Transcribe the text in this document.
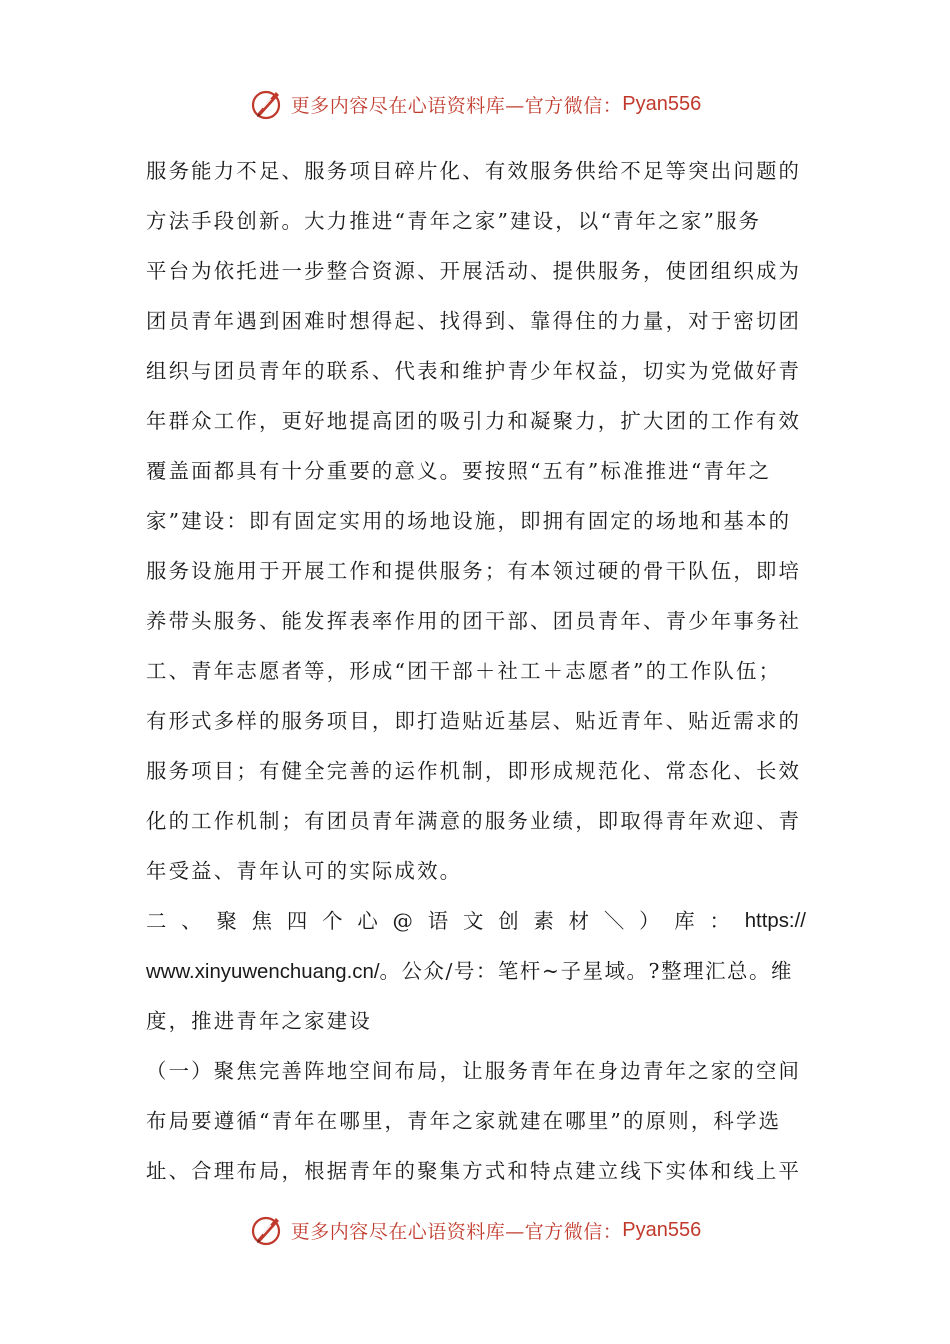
更多内容尽在心语资料库—官方微信： Pyan556
服务能力不足、服务项目碎片化、有效服务供给不足等突出问题的
方法手段创新。大力推进“青年之家”建设，以“青年之家”服务
平台为依托进一步整合资源、开展活动、提供服务，使团组织成为
团员青年遇到困难时想得起、找得到、靠得住的力量，对于密切团
组织与团员青年的联系、代表和维护青少年权益，切实为党做好青
年群众工作，更好地提高团的吸引力和凝聚力，扩大团的工作有效
覆盖面都具有十分重要的意义。要按照“五有”标准推进“青年之
家”建设：即有固定实用的场地设施，即拥有固定的场地和基本的
服务设施用于开展工作和提供服务；有本领过硬的骨干队伍，即培
养带头服务、能发挥表率作用的团干部、团员青年、青少年事务社
工、青年志愿者等，形成“团干部＋社工＋志愿者”的工作队伍；
有形式多样的服务项目，即打造贴近基层、贴近青年、贴近需求的
服务项目；有健全完善的运作机制，即形成规范化、常态化、长效
化的工作机制；有团员青年满意的服务业绩，即取得青年欢迎、青
年受益、青年认可的实际成效。
二 、 聚 焦 四 个 心 @ 语 文 创 素 材 ＼ ） 库 ： https://
www.xinyuwenchuang.cn/。公众/号：笔杆~子星域。?整理汇总。维
度，推进青年之家建设
（一）聚焦完善阵地空间布局，让服务青年在身边青年之家的空间
布局要遵循“青年在哪里，青年之家就建在哪里”的原则，科学选
址、合理布局，根据青年的聚集方式和特点建立线下实体和线上平
更多内容尽在心语资料库—官方微信： Pyan556
